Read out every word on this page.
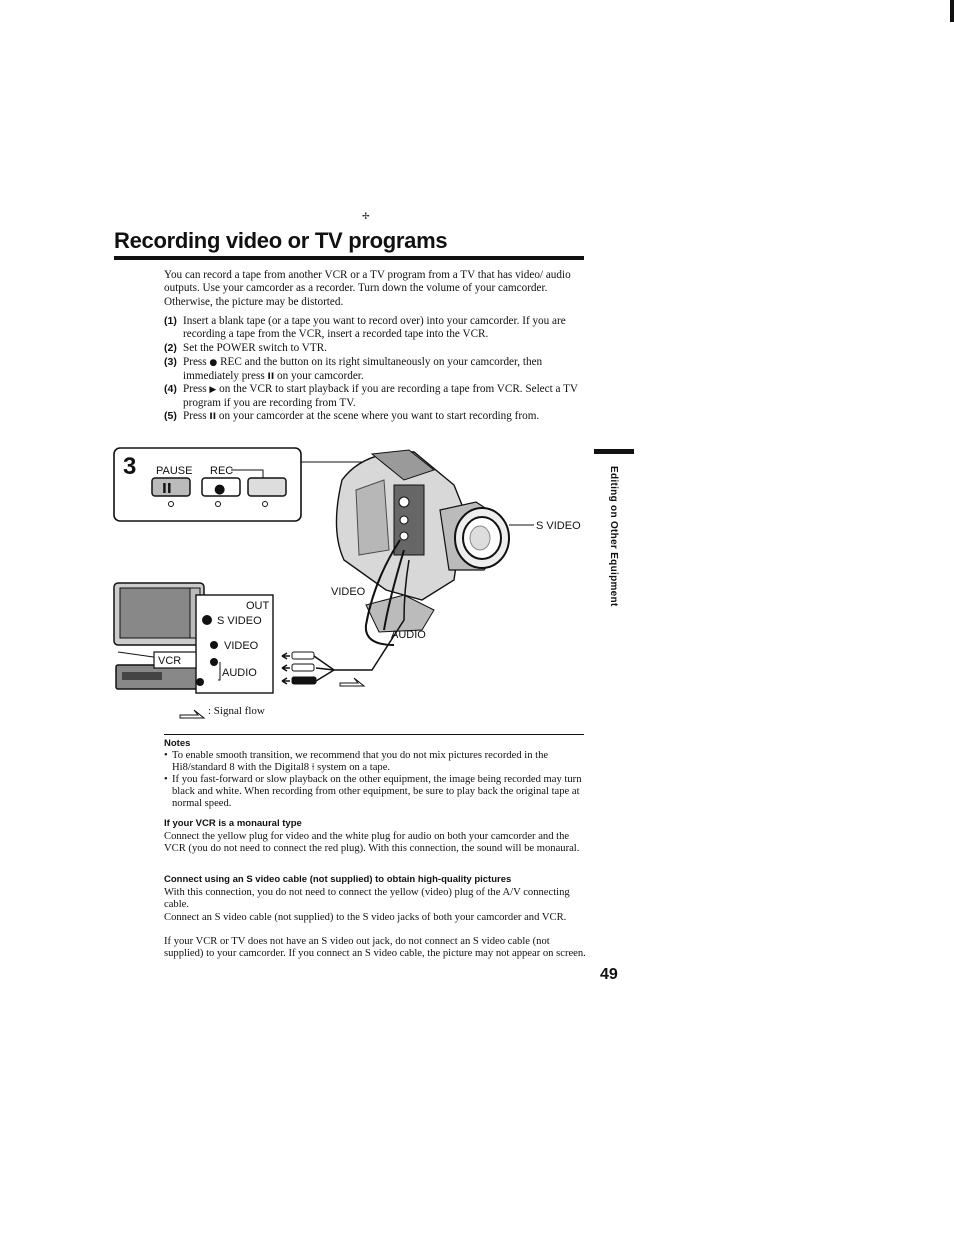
✢
Recording video or TV programs
You can record a tape from another VCR or a TV program from a TV that has video/ audio outputs. Use your camcorder as a recorder. Turn down the volume of your camcorder. Otherwise, the picture may be distorted.
(1) Insert a blank tape (or a tape you want to record over) into your camcorder. If you are recording a tape from the VCR, insert a recorded tape into the VCR.
(2) Set the POWER switch to VTR.
(3) Press ● REC and the button on its right simultaneously on your camcorder, then immediately press II on your camcorder.
(4) Press ▶ on the VCR to start playback if you are recording a tape from VCR. Select a TV program if you are recording from TV.
(5) Press II on your camcorder at the scene where you want to start recording from.
Editing on Other Equipment
3 PAUSE REC
II	●
S VIDEO
VIDEO
AUDIO
VCR
OUT
S VIDEO
VIDEO
AUDIO
: Signal flow
Notes
• To enable smooth transition, we recommend that you do not mix pictures recorded in the Hi8/standard 8 with the Digital8 ⟊ system on a tape.
• If you fast-forward or slow playback on the other equipment, the image being recorded may turn black and white. When recording from other equipment, be sure to play back the original tape at normal speed.
If your VCR is a monaural type
Connect the yellow plug for video and the white plug for audio on both your camcorder and the VCR (you do not need to connect the red plug). With this connection, the sound will be monaural.
Connect using an S video cable (not supplied) to obtain high-quality pictures
With this connection, you do not need to connect the yellow (video) plug of the A/V connecting cable.
Connect an S video cable (not supplied) to the S video jacks of both your camcorder and VCR.
If your VCR or TV does not have an S video out jack, do not connect an S video cable (not supplied) to your camcorder. If you connect an S video cable, the picture may not appear on screen.
49
